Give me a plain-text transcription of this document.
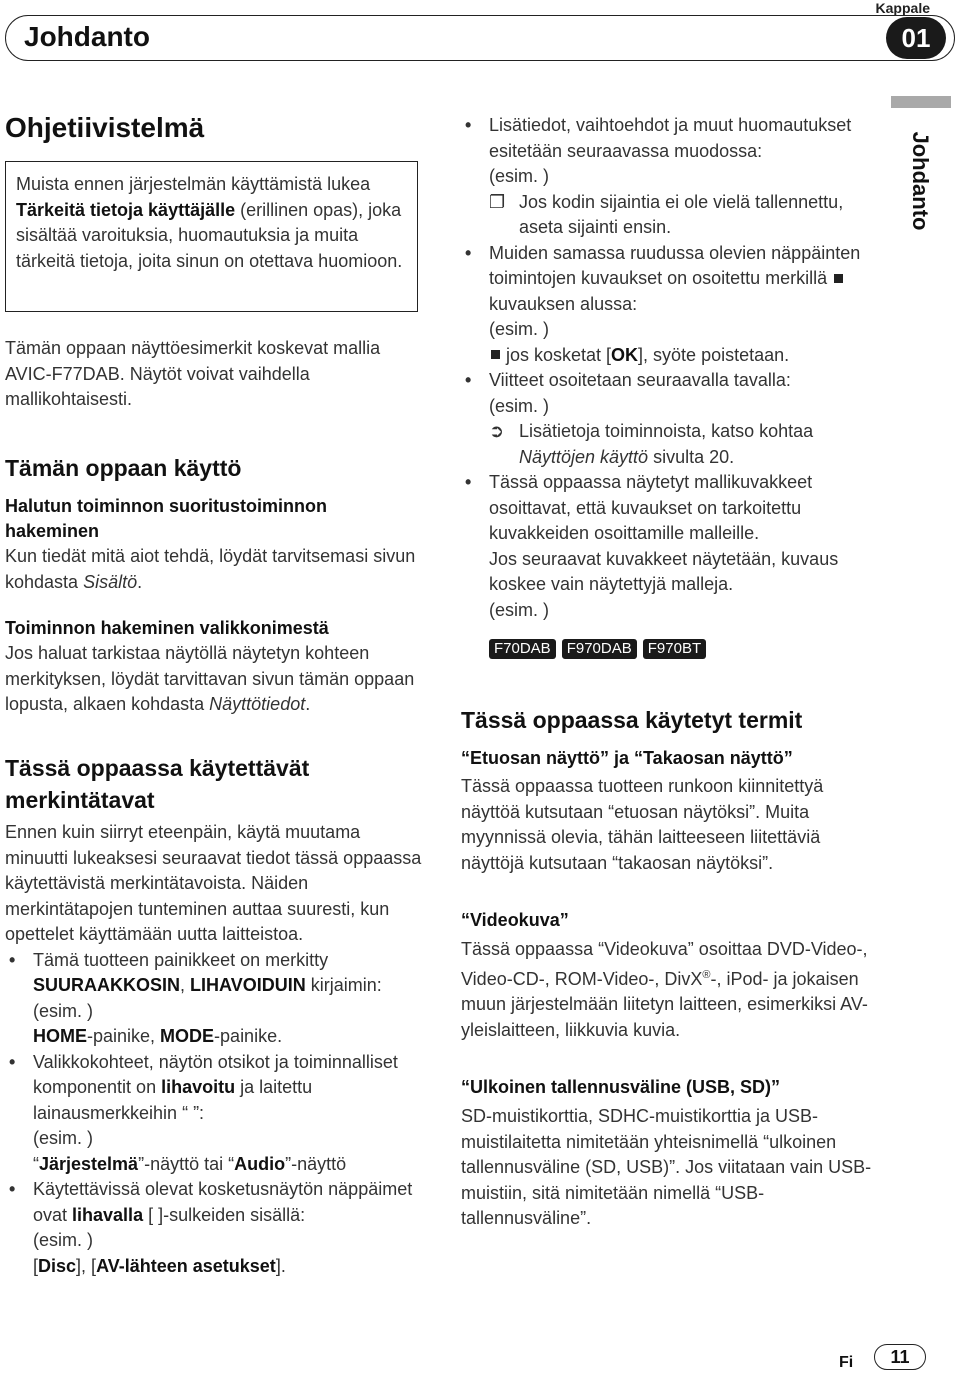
Kappale
Johdanto	01
Johdanto
Ohjetiivistelmä
Muista ennen järjestelmän käyttämistä lukea
Tärkeitä tietoja käyttäjälle (erillinen opas), joka sisältää varoituksia, huomautuksia ja muita tärkeitä tietoja, joita sinun on otettava huomioon.
Tämän oppaan näyttöesimerkit koskevat mallia AVIC-F77DAB. Näytöt voivat vaihdella mallikohtaisesti.
Tämän oppaan käyttö
Halutun toiminnon suoritustoiminnon hakeminen
Kun tiedät mitä aiot tehdä, löydät tarvitsemasi sivun kohdasta Sisältö.
Toiminnon hakeminen valikkonimestä
Jos haluat tarkistaa näytöllä näytetyn kohteen merkityksen, löydät tarvittavan sivun tämän oppaan lopusta, alkaen kohdasta Näyttötiedot.
Tässä oppaassa käytettävät merkintätavat
Ennen kuin siirryt eteenpäin, käytä muutama minuutti lukeaksesi seuraavat tiedot tässä oppaassa käytettävistä merkintätavoista. Näiden merkintätapojen tunteminen auttaa suuresti, kun opettelet käyttämään uutta laitteistoa.
• Tämä tuotteen painikkeet on merkitty SUURAAKKOSIN, LIHAVOIDUIN kirjaimin:
(esim. )
HOME-painike, MODE-painike.
• Valikkokohteet, näytön otsikot ja toiminnalliset komponentit on lihavoitu ja laitettu lainausmerkkeihin “ ”:
(esim. )
“Järjestelmä”-näyttö tai “Audio”-näyttö
• Käytettävissä olevat kosketusnäytön näppäimet ovat lihavalla [ ]-sulkeiden sisällä:
(esim. )
[Disc], [AV-lähteen asetukset].
• Lisätiedot, vaihtoehdot ja muut huomautukset esitetään seuraavassa muodossa:
(esim. )
❐ Jos kodin sijaintia ei ole vielä tallennettu, aseta sijainti ensin.
• Muiden samassa ruudussa olevien näppäinten toimintojen kuvaukset on osoitettu merkillä kuvauksen alussa:
(esim. )
jos kosketat [OK], syöte poistetaan.
• Viitteet osoitetaan seuraavalla tavalla:
(esim. )
➲ Lisätietoja toiminnoista, katso kohtaa
Näyttöjen käyttö sivulta 20.
• Tässä oppaassa näytetyt mallikuvakkeet osoittavat, että kuvaukset on tarkoitettu kuvakkeiden osoittamille malleille.
Jos seuraavat kuvakkeet näytetään, kuvaus koskee vain näytettyjä malleja.
(esim. )
F70DAB	F970DAB	F970BT
Tässä oppaassa käytetyt termit
“Etuosan näyttö” ja “Takaosan näyttö”
Tässä oppaassa tuotteen runkoon kiinnitettyä näyttöä kutsutaan “etuosan näytöksi”. Muita myynnissä olevia, tähän laitteeseen liitettäviä näyttöjä kutsutaan “takaosan näytöksi”.
“Videokuva”
Tässä oppaassa “Videokuva” osoittaa DVD-Video-, Video-CD-, ROM-Video-, DivX®-, iPod- ja jokaisen muun järjestelmään liitetyn laitteen, esimerkiksi AV-yleislaitteen, liikkuvia kuvia.
“Ulkoinen tallennusväline (USB, SD)”
SD-muistikorttia, SDHC-muistikorttia ja USB-muistilaitetta nimitetään yhteisnimellä “ulkoinen tallennusväline (SD, USB)”. Jos viitataan vain USB-muistiin, sitä nimitetään nimellä “USB-tallennusväline”.
Fi	11
